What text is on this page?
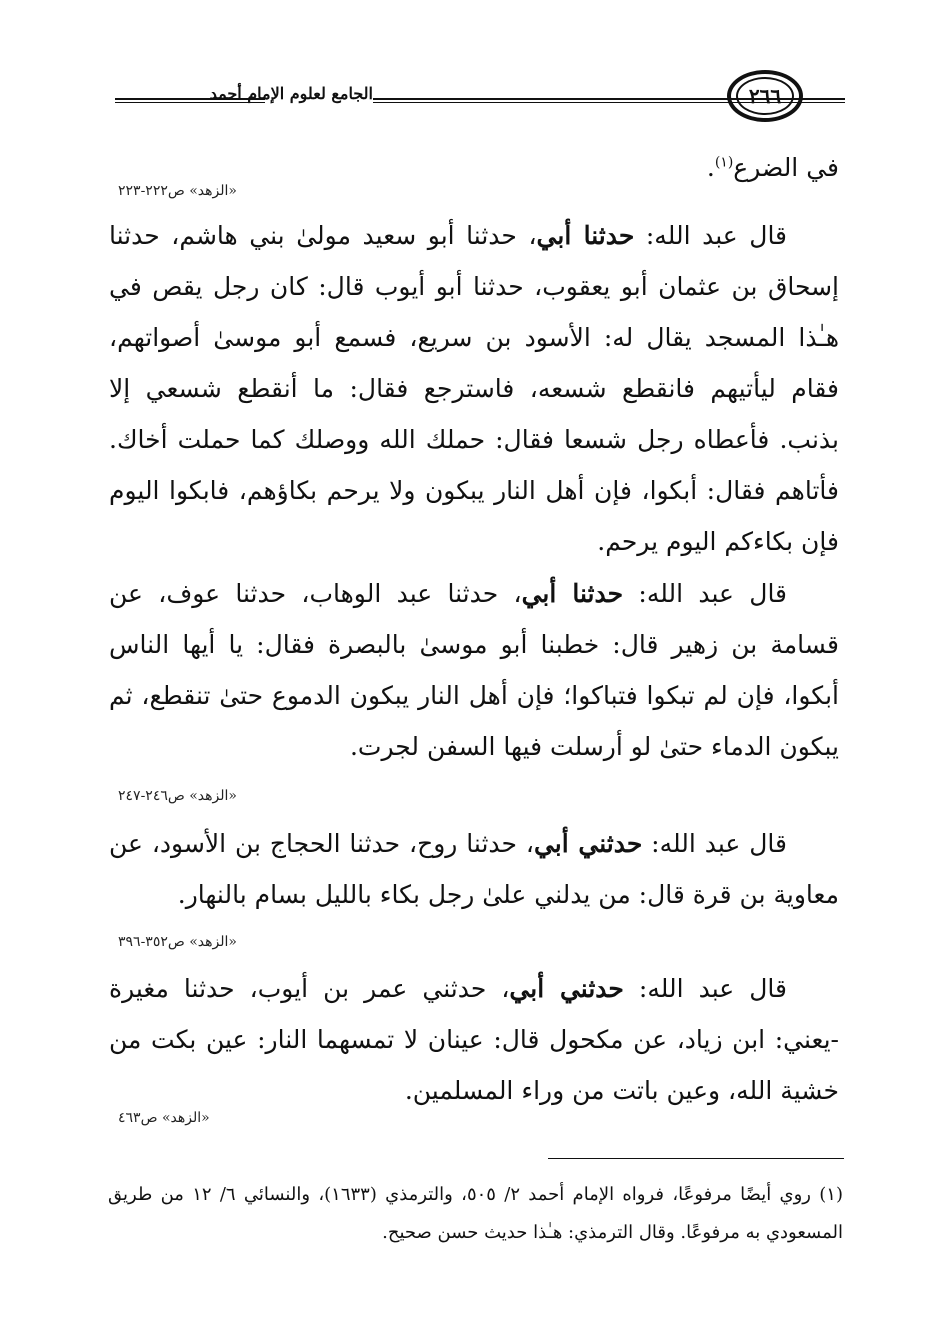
الجامع لعلوم الإمام أحمد	٢٦٦

في الضرع$^{(١)}$.

«الزهد» ص٢٢٢-٢٢٣

قال عبد الله: حدثنا أبي، حدثنا أبو سعيد مولىٰ بني هاشم، حدثنا إسحاق بن عثمان أبو يعقوب، حدثنا أبو أيوب قال: كان رجل يقص في هـٰذا المسجد يقال له: الأسود بن سريع، فسمع أبو موسىٰ أصواتهم، فقام ليأتيهم فانقطع شسعه، فاسترجع فقال: ما أنقطع شسعي إلا بذنب. فأعطاه رجل شسعا فقال: حملك الله ووصلك كما حملت أخاك. فأتاهم فقال: أبكوا، فإن أهل النار يبكون ولا يرحم بكاؤهم، فابكوا اليوم فإن بكاءكم اليوم يرحم.

قال عبد الله: حدثنا أبي، حدثنا عبد الوهاب، حدثنا عوف، عن قسامة بن زهير قال: خطبنا أبو موسىٰ بالبصرة فقال: يا أيها الناس أبكوا، فإن لم تبكوا فتباكوا؛ فإن أهل النار يبكون الدموع حتىٰ تنقطع، ثم يبكون الدماء حتىٰ لو أرسلت فيها السفن لجرت.

«الزهد» ص٢٤٦-٢٤٧

قال عبد الله: حدثني أبي، حدثنا روح، حدثنا الحجاج بن الأسود، عن معاوية بن قرة قال: من يدلني علىٰ رجل بكاء بالليل بسام بالنهار.

«الزهد» ص٣٥٢-٣٩٦

قال عبد الله: حدثني أبي، حدثني عمر بن أيوب، حدثنا مغيرة -يعني: ابن زياد، عن مكحول قال: عينان لا تمسهما النار: عين بكت من خشية الله، وعين باتت من وراء المسلمين.

«الزهد» ص٤٦٣

(١) روي أيضًا مرفوعًا، فرواه الإمام أحمد ٢/ ٥٠٥، والترمذي (١٦٣٣)، والنسائي ٦/ ١٢ من طريق المسعودي به مرفوعًا. وقال الترمذي: هـٰذا حديث حسن صحيح.
